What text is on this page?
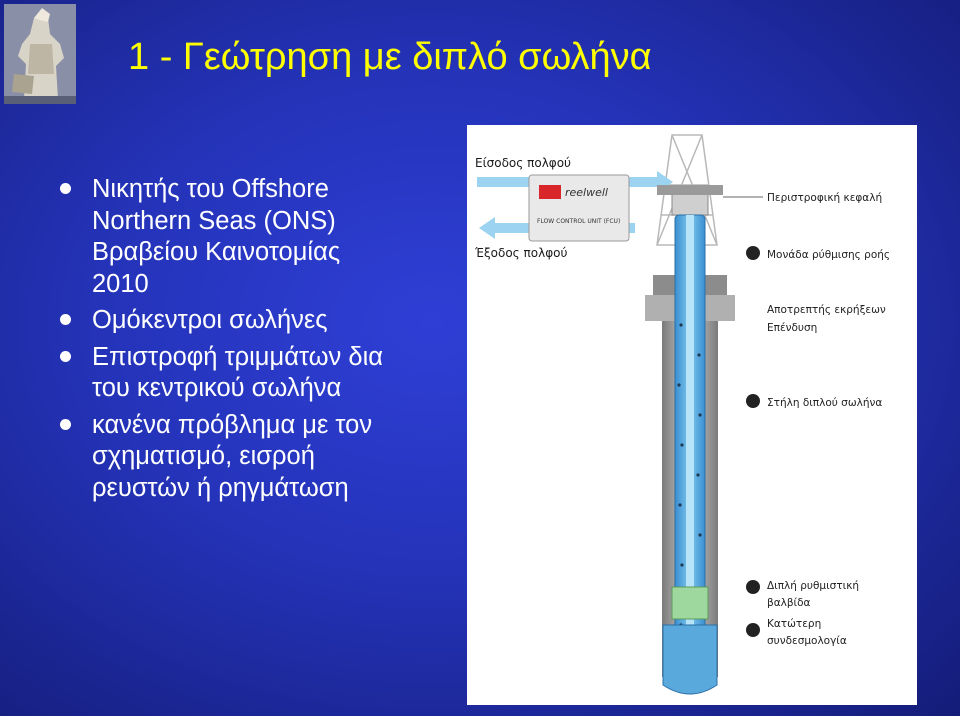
1 - Γεώτρηση με διπλό σωλήνα
Νικητής του Offshore
Northern Seas (ONS)
Βραβείου Καινοτομίας
2010
Ομόκεντροι σωλήνες
Επιστροφή τριμμάτων δια
του κεντρικού σωλήνα
κανένα πρόβλημα με τον
σχηματισμό, εισροή
ρευστών ή ρηγμάτωση
Είσοδος πολφού
Έξοδος πολφού
reelwell
FLOW CONTROL UNIT (FCU)
Περιστροφική κεφαλή
Μονάδα ρύθμισης ροής
Αποτρεπτής εκρήξεων
Επένδυση
Στήλη διπλού σωλήνα
Διπλή ρυθμιστική
βαλβίδα
Κατώτερη
συνδεσμολογία
